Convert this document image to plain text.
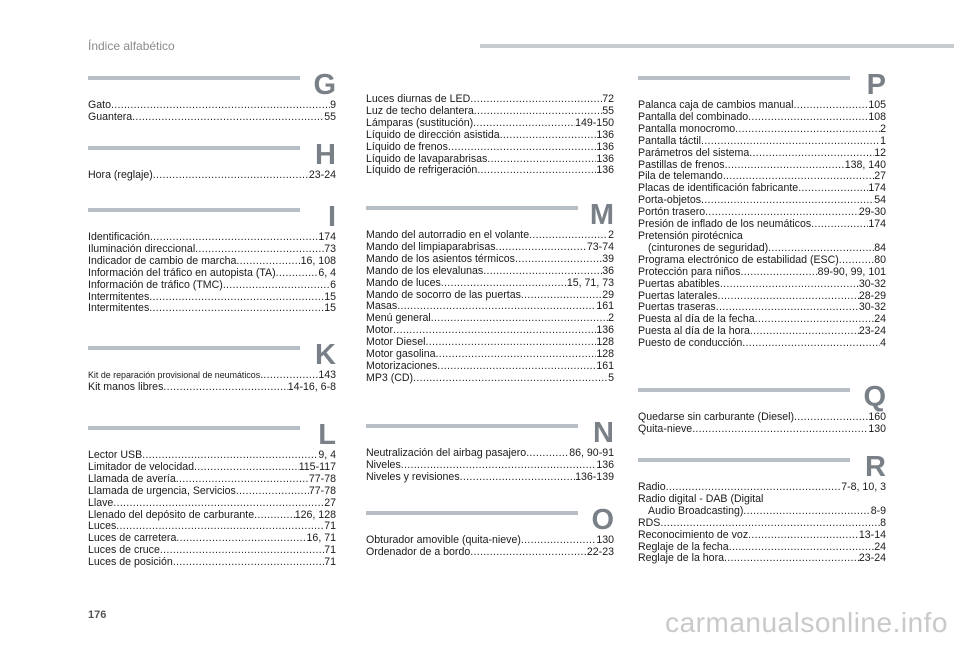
Índice alfabético
G
Gato .....	9
Guantera .....	55
H
Hora (reglaje) .....	23-24
I
Identificación .....	174
Iluminación direccional .....	73
Indicador de cambio de marcha .....	16, 108
Información del tráfico en autopista (TA) .....	6, 4
Información de tráfico (TMC) .....	6
Intermitentes .....	15
Intermitentes .....	15
K
Kit de reparación provisional de neumáticos .....	143
Kit manos libres .....	14-16, 6-8
L
Lector USB .....	9, 4
Limitador de velocidad .....	115-117
Llamada de avería .....	77-78
Llamada de urgencia, Servicios .....	77-78
Llave .....	27
Llenado del depósito de carburante .....	126, 128
Luces .....	71
Luces de carretera .....	16, 71
Luces de cruce .....	71
Luces de posición .....	71
Luces diurnas de LED .....	72
Luz de techo delantera .....	55
Lámparas (sustitución) .....	149-150
Líquido de dirección asistida .....	136
Líquido de frenos .....	136
Líquido de lavaparabrisas .....	136
Líquido de refrigeración .....	136
M
Mando del autorradio en el volante .....	2
Mando del limpiaparabrisas .....	73-74
Mando de los asientos térmicos .....	39
Mando de los elevalunas .....	36
Mando de luces .....	15, 71, 73
Mando de socorro de las puertas .....	29
Masas .....	161
Menú general .....	2
Motor .....	136
Motor Diesel .....	128
Motor gasolina .....	128
Motorizaciones .....	161
MP3 (CD) .....	5
N
Neutralización del airbag pasajero .....	86, 90-91
Niveles .....	136
Niveles y revisiones .....	136-139
O
Obturador amovible (quita-nieve) .....	130
Ordenador de a bordo .....	22-23
P
Palanca caja de cambios manual .....	105
Pantalla del combinado .....	108
Pantalla monocromo .....	2
Pantalla táctil .....	1
Parámetros del sistema .....	12
Pastillas de frenos .....	138, 140
Pila de telemando .....	27
Placas de identificación fabricante .....	174
Porta-objetos .....	54
Portón trasero .....	29-30
Presión de inflado de los neumáticos .....	174
Pretensión pirotécnica
(cinturones de seguridad) .....	84
Programa electrónico de estabilidad (ESC) .....	80
Protección para niños .....	89-90, 99, 101
Puertas abatibles .....	30-32
Puertas laterales .....	28-29
Puertas traseras .....	30-32
Puesta al día de la fecha .....	24
Puesta al día de la hora .....	23-24
Puesto de conducción .....	4
Q
Quedarse sin carburante (Diesel) .....	160
Quita-nieve .....	130
R
Radio .....	7-8, 10, 3
Radio digital - DAB (Digital
Audio Broadcasting) .....	8-9
RDS .....	8
Reconocimiento de voz .....	13-14
Reglaje de la fecha .....	24
Reglaje de la hora .....	23-24
176	carmanualsonline.info
